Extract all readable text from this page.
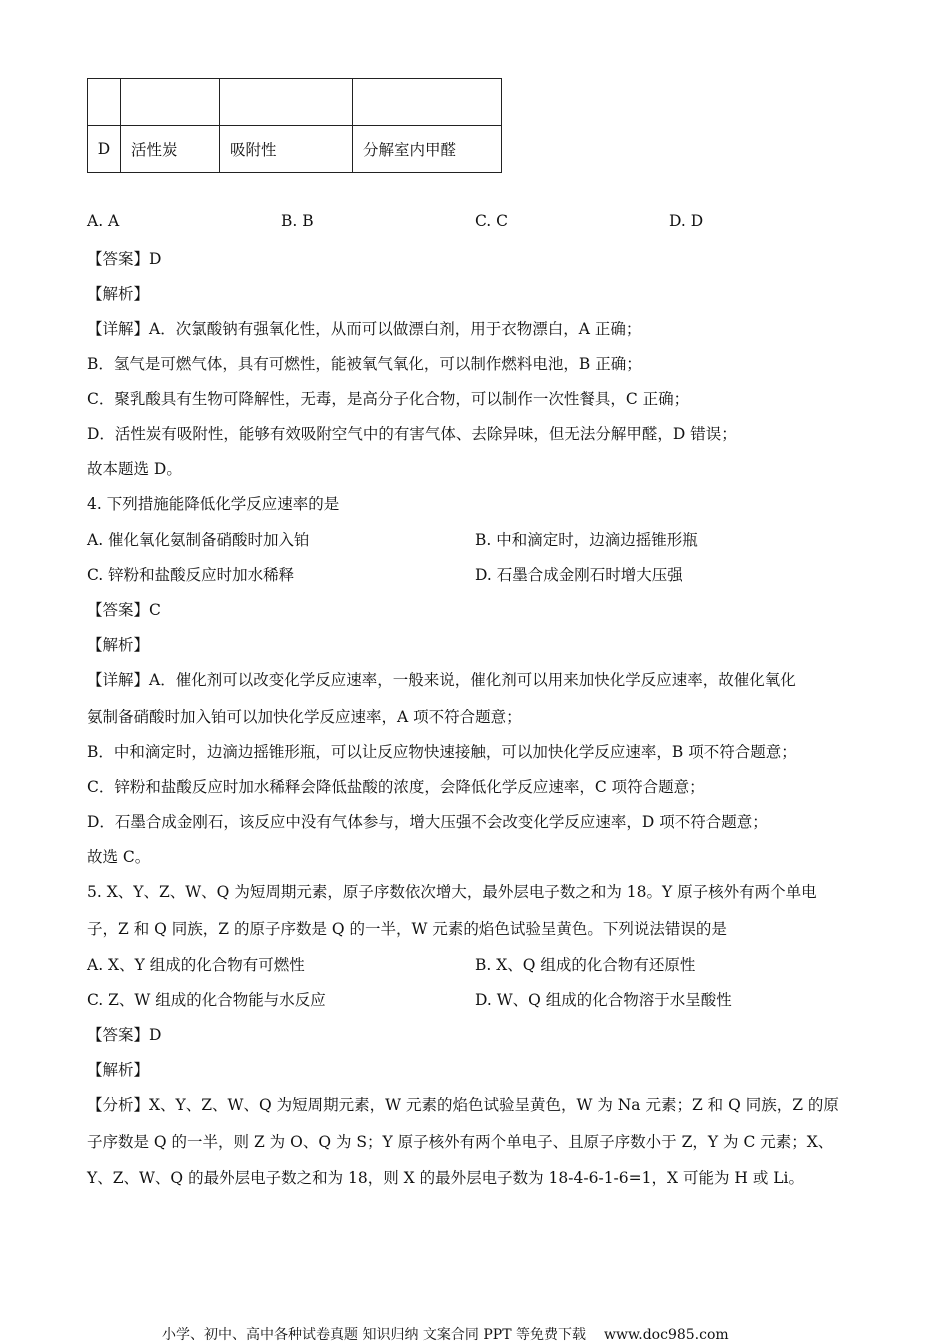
D	活性炭	吸附性	分解室内甲醛
A. A	B. B	C. C	D. D
【答案】D
【解析】
【详解】A．次氯酸钠有强氧化性，从而可以做漂白剂，用于衣物漂白，A 正确；
B．氢气是可燃气体，具有可燃性，能被氧气氧化，可以制作燃料电池，B 正确；
C．聚乳酸具有生物可降解性，无毒，是高分子化合物，可以制作一次性餐具，C 正确；
D．活性炭有吸附性，能够有效吸附空气中的有害气体、去除异味，但无法分解甲醛，D 错误；
故本题选 D。
4. 下列措施能降低化学反应速率的是
A. 催化氧化氨制备硝酸时加入铂	B. 中和滴定时，边滴边摇锥形瓶
C. 锌粉和盐酸反应时加水稀释	D. 石墨合成金刚石时增大压强
【答案】C
【解析】
【详解】A．催化剂可以改变化学反应速率，一般来说，催化剂可以用来加快化学反应速率，故催化氧化
氨制备硝酸时加入铂可以加快化学反应速率，A 项不符合题意；
B．中和滴定时，边滴边摇锥形瓶，可以让反应物快速接触，可以加快化学反应速率，B 项不符合题意；
C．锌粉和盐酸反应时加水稀释会降低盐酸的浓度，会降低化学反应速率，C 项符合题意；
D．石墨合成金刚石，该反应中没有气体参与，增大压强不会改变化学反应速率，D 项不符合题意；
故选 C。
5. X、Y、Z、W、Q 为短周期元素，原子序数依次增大，最外层电子数之和为 18。Y 原子核外有两个单电
子，Z 和 Q 同族，Z 的原子序数是 Q 的一半，W 元素的焰色试验呈黄色。下列说法错误的是
A. X、Y 组成的化合物有可燃性	B. X、Q 组成的化合物有还原性
C. Z、W 组成的化合物能与水反应	D. W、Q 组成的化合物溶于水呈酸性
【答案】D
【解析】
【分析】X、Y、Z、W、Q 为短周期元素，W 元素的焰色试验呈黄色，W 为 Na 元素；Z 和 Q 同族，Z 的原
子序数是 Q 的一半，则 Z 为 O、Q 为 S；Y 原子核外有两个单电子、且原子序数小于 Z，Y 为 C 元素；X、
Y、Z、W、Q 的最外层电子数之和为 18，则 X 的最外层电子数为 18-4-6-1-6=1，X 可能为 H 或 Li。
小学、初中、高中各种试卷真题 知识归纳 文案合同 PPT 等免费下载 www.doc985.com
